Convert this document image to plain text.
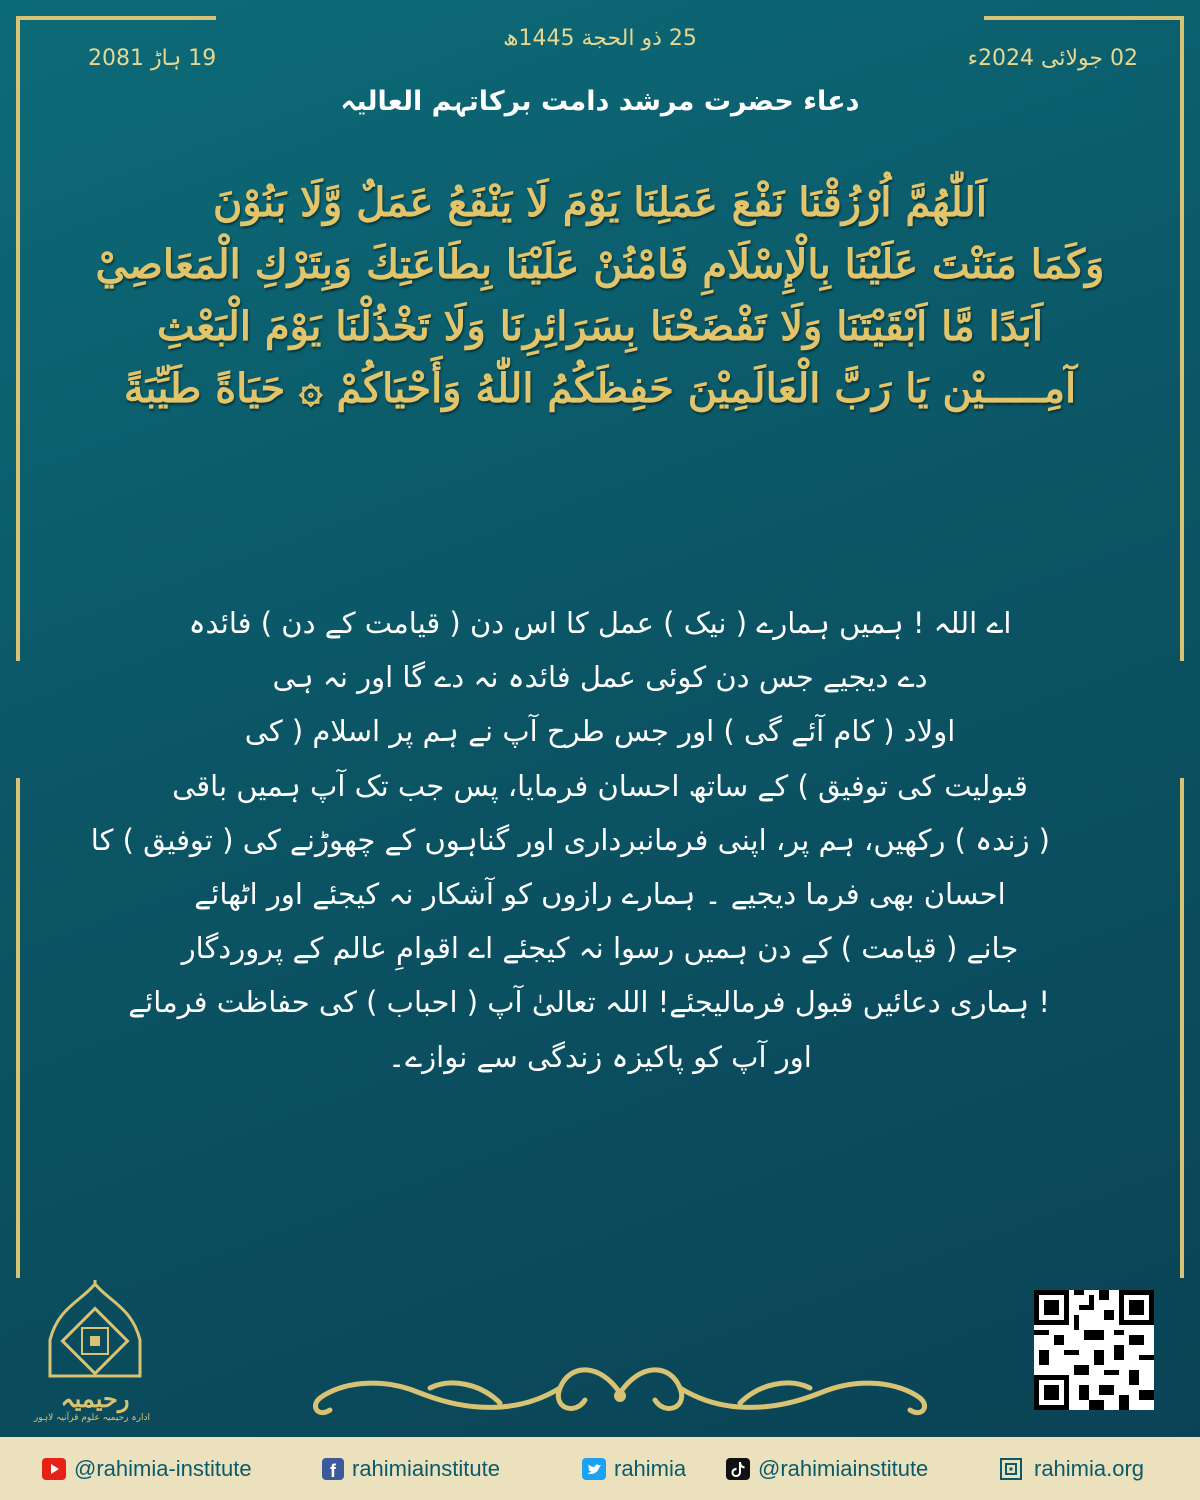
19 ہاڑ 2081
25 ذو الحجة 1445ھ
02 جولائی 2024ء
دعاء حضرت مرشد دامت برکاتہم العالیہ
اَللّٰهُمَّ اُرْزُقْنَا نَفْعَ عَمَلِنَا يَوْمَ لَا يَنْفَعُ عَمَلٌ وَّلَا بَنُوْنَ
وَكَمَا مَنَنْتَ عَلَيْنَا بِالْإِسْلَامِ فَامْنُنْ عَلَيْنَا بِطَاعَتِكَ وَبِتَرْكِ الْمَعَاصِيْ
اَبَدًا مَّا اَبْقَيْتَنَا وَلَا تَفْضَحْنَا بِسَرَائِرِنَا وَلَا تَخْذُلْنَا يَوْمَ الْبَعْثِ
آمِـــــيْن يَا رَبَّ الْعَالَمِيْنَ حَفِظَكُمُ اللّٰهُ وَأَحْيَاكُمْ ۞ حَيَاةً طَيِّبَةً
اے اللہ ! ہمیں ہمارے ( نیک ) عمل کا اس دن ( قیامت کے دن ) فائدہ
دے دیجیے جس دن کوئی عمل فائدہ نہ دے گا اور نہ ہی
اولاد ( کام آئے گی ) اور جس طرح آپ نے ہم پر اسلام ( کی
قبولیت کی توفیق ) کے ساتھ احسان فرمایا، پس جب تک آپ ہمیں باقی
( زندہ ) رکھیں، ہم پر، اپنی فرمانبرداری اور گناہوں کے چھوڑنے کی ( توفیق ) کا
احسان بھی فرما دیجیے ۔ ہمارے رازوں کو آشکار نہ کیجئے اور اٹھائے
جانے ( قیامت ) کے دن ہمیں رسوا نہ کیجئے اے اقوامِ عالم کے پروردگار
! ہماری دعائیں قبول فرمالیجئے! اللہ تعالیٰ آپ ( احباب ) کی حفاظت فرمائے
اور آپ کو پاکیزہ زندگی سے نوازے۔
رحیمیہ
ادارہ رحیمیہ علوم قرآنیہ لاہور
@rahimia-institute	f rahimiainstitute	rahimia	@rahimiainstitute	rahimia.org
